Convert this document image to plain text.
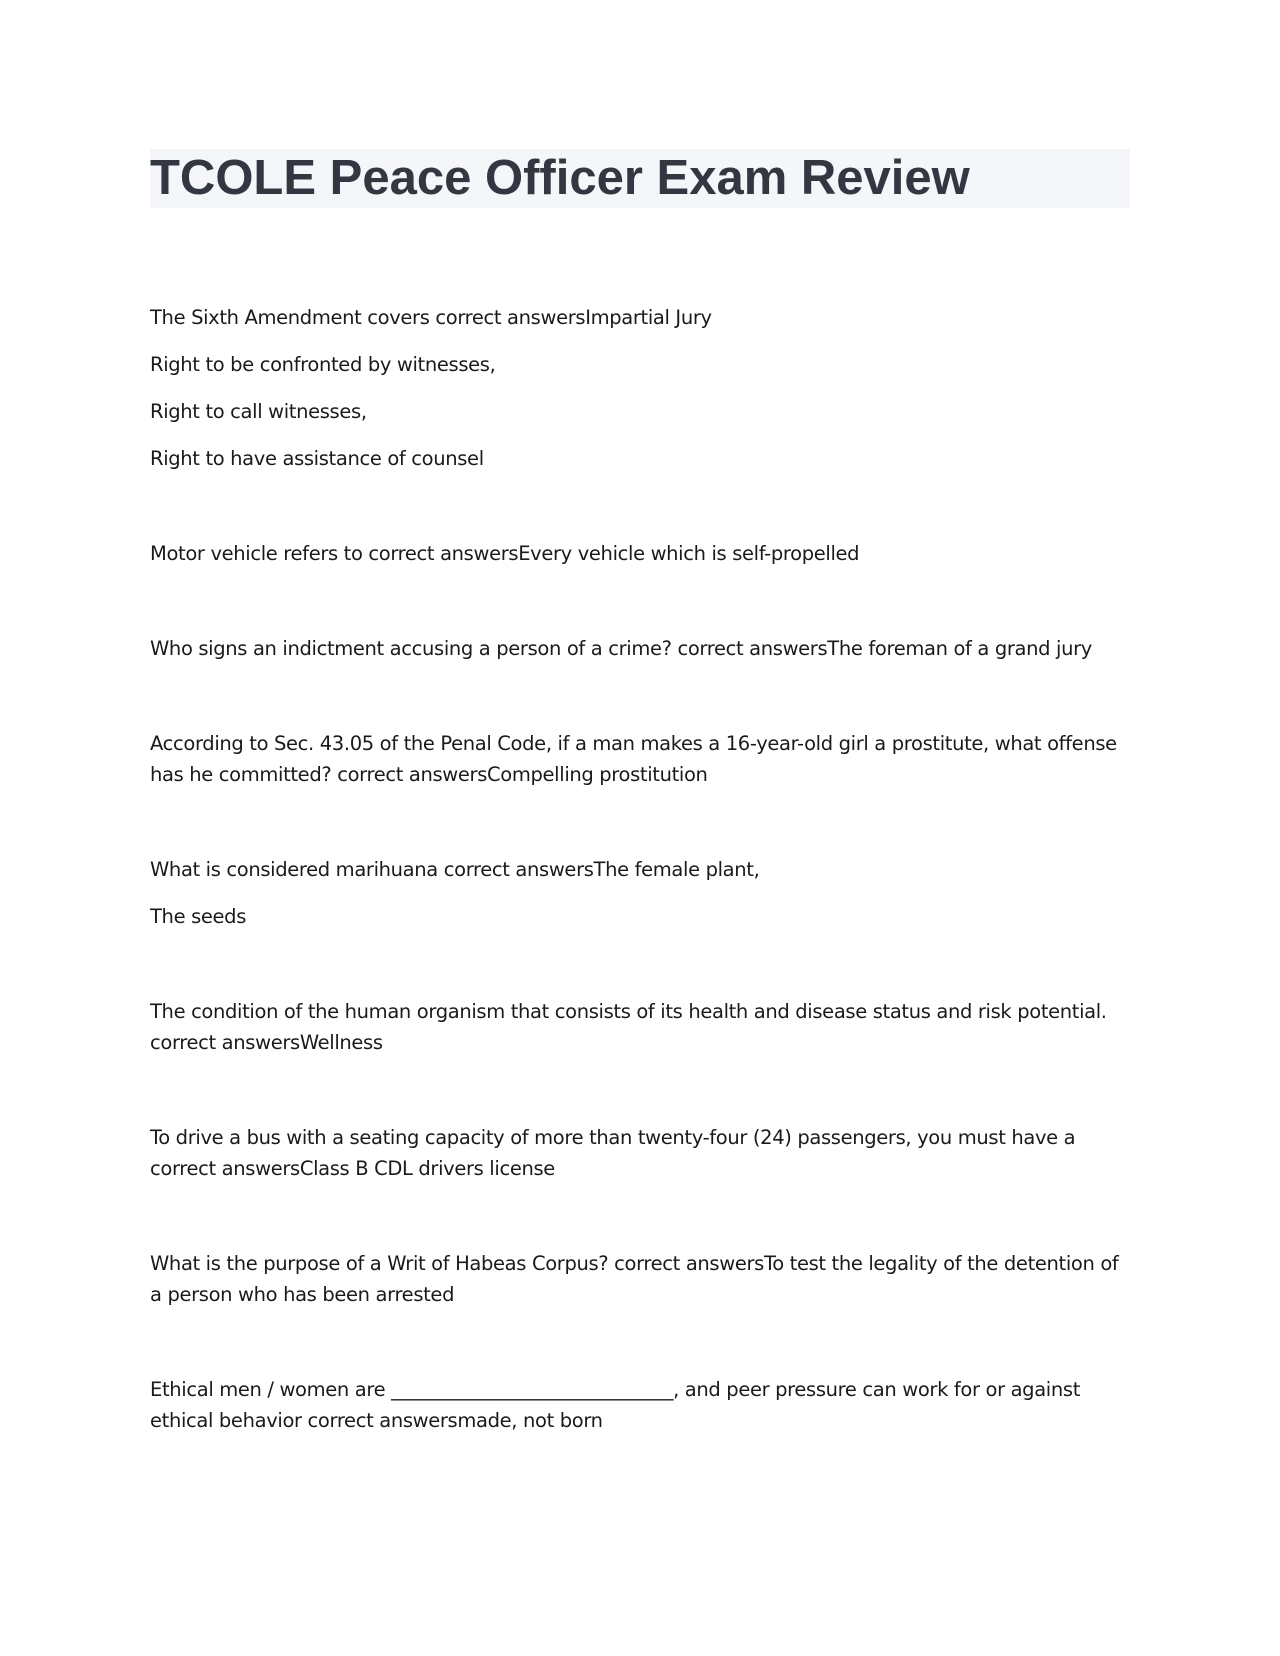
TCOLE Peace Officer Exam Review

The Sixth Amendment covers correct answersImpartial Jury

Right to be confronted by witnesses,

Right to call witnesses,

Right to have assistance of counsel

Motor vehicle refers to correct answersEvery vehicle which is self-propelled

Who signs an indictment accusing a person of a crime? correct answersThe foreman of a grand jury

According to Sec. 43.05 of the Penal Code, if a man makes a 16-year-old girl a prostitute, what offense has he committed? correct answersCompelling prostitution

What is considered marihuana correct answersThe female plant,

The seeds

The condition of the human organism that consists of its health and disease status and risk potential. correct answersWellness

To drive a bus with a seating capacity of more than twenty-four (24) passengers, you must have a correct answersClass B CDL drivers license

What is the purpose of a Writ of Habeas Corpus? correct answersTo test the legality of the detention of a person who has been arrested

Ethical men / women are ______________________________, and peer pressure can work for or against ethical behavior correct answersmade, not born
